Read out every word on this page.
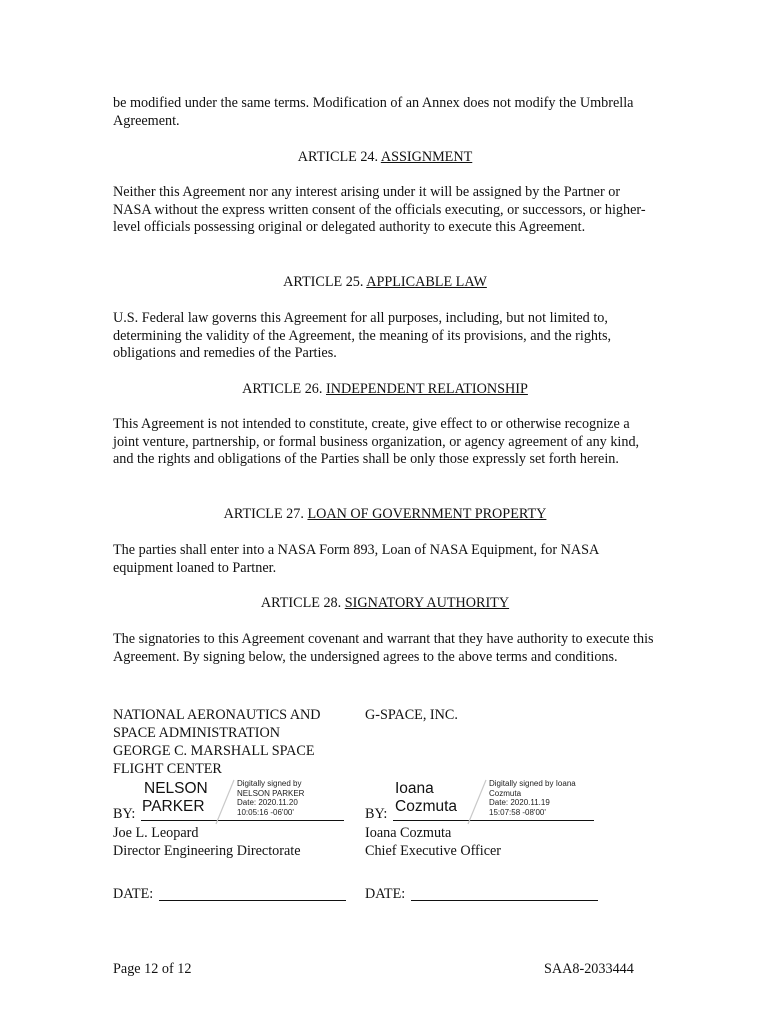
be modified under the same terms. Modification of an Annex does not modify the Umbrella Agreement.

ARTICLE 24. ASSIGNMENT

Neither this Agreement nor any interest arising under it will be assigned by the Partner or NASA without the express written consent of the officials executing, or successors, or higher- level officials possessing original or delegated authority to execute this Agreement.

ARTICLE 25. APPLICABLE LAW

U.S. Federal law governs this Agreement for all purposes, including, but not limited to, determining the validity of the Agreement, the meaning of its provisions, and the rights, obligations and remedies of the Parties.

ARTICLE 26. INDEPENDENT RELATIONSHIP

This Agreement is not intended to constitute, create, give effect to or otherwise recognize a joint venture, partnership, or formal business organization, or agency agreement of any kind, and the rights and obligations of the Parties shall be only those expressly set forth herein.

ARTICLE 27. LOAN OF GOVERNMENT PROPERTY

The parties shall enter into a NASA Form 893, Loan of NASA Equipment, for NASA equipment loaned to Partner.

ARTICLE 28. SIGNATORY AUTHORITY

The signatories to this Agreement covenant and warrant that they have authority to execute this Agreement. By signing below, the undersigned agrees to the above terms and conditions.

NATIONAL AERONAUTICS AND
SPACE ADMINISTRATION
GEORGE C. MARSHALL SPACE
FLIGHT CENTER
BY:
NELSON
PARKER
Digitally signed by
NELSON PARKER
Date: 2020.11.20
10:05:16 -06'00'
Joe L. Leopard
Director Engineering Directorate
DATE:
G-SPACE, INC.
BY:
Ioana
Cozmuta
Digitally signed by Ioana
Cozmuta
Date: 2020.11.19
15:07:58 -08'00'
Ioana Cozmuta
Chief Executive Officer
DATE:
Page 12 of 12	SAA8-2033444
